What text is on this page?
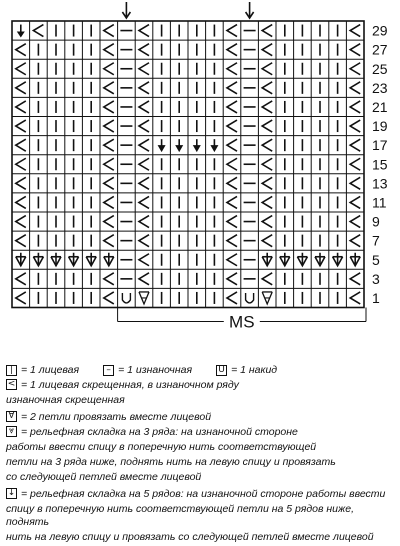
29
27
25
23
21
19
17
15
13
11
9
7
5
3
1
MS
| = 1 лицевая	– = 1 изнаночная	U = 1 накид
< = 1 лицевая скрещенная, в изнаночном ряду
изнаночная скрещенная
∀ = 2 петли провязать вместе лицевой
⩔ = рельефная складка на 3 ряда: на изнаночной стороне
работы ввести спицу в поперечную нить соответствующей
петли на 3 ряда ниже, поднять нить на левую спицу и провязать
со следующей петлей вместе лицевой
↓ = рельефная складка на 5 рядов: на изнаночной стороне работы ввести
спицу в поперечную нить соответствующей петли на 5 рядов ниже, поднять
нить на левую спицу и провязать со следующей петлей вместе лицевой
